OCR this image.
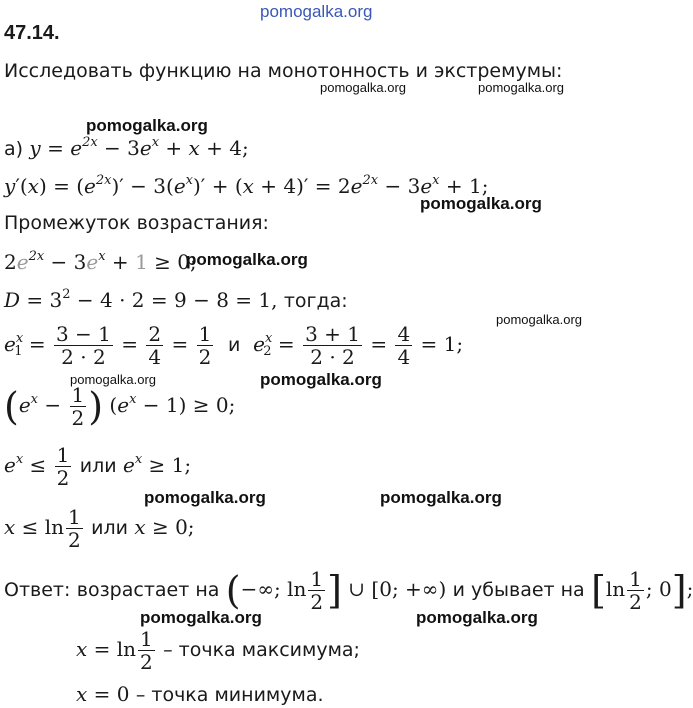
pomogalka.org
47.14.
Исследовать функцию на монотонность и экстремумы:
pomogalka.org	pomogalka.org
pomogalka.org
а) $y = e^{2x} - 3e^x + x + 4$;
$y'(x) = (e^{2x})' - 3(e^x)' + (x + 4)' = 2e^{2x} - 3e^x + 1$;
pomogalka.org
Промежуток возрастания:
$2e^{2x} - 3e^x + 1 \ge 0$;
pomogalka.org
$D = 3^2 - 4 \cdot 2 = 9 - 8 = 1$, тогда:
pomogalka.org
$e^x_1 = \frac{3 - 1}{2 \cdot 2} = \frac{2}{4} = \frac{1}{2}$ и $e^x_2 = \frac{3 + 1}{2 \cdot 2} = \frac{4}{4} = 1$;
pomogalka.org	pomogalka.org
($e^x - \frac{1}{2}$ ) $(e^x - 1) \ge 0$;
$e^x \le \frac{1}{2}$ или $e^x \ge 1$;
pomogalka.org	pomogalka.org
$x \le \ln \frac{1}{2}$ или x ≥ 0;
Ответ: возрастает на (−∞; $\ln \frac{1}{2}$ ] ∪ [0; +∞) и убывает на [$\ln \frac{1}{2}$ ; 0];
pomogalka.org	pomogalka.org
$x = \ln \frac{1}{2}$ – точка максимума;
x = 0 – точка минимума.
